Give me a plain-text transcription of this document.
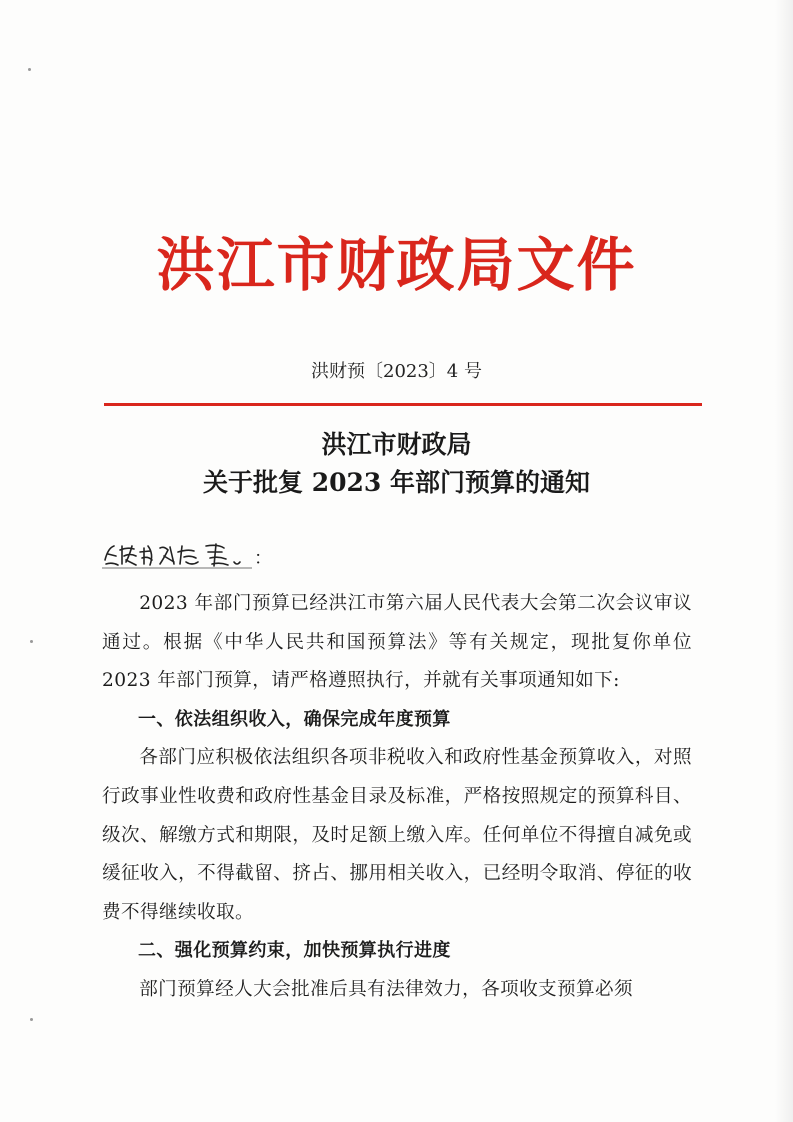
洪江市财政局文件
洪财预〔2023〕4 号
洪江市财政局
关于批复 2023 年部门预算的通知
：

2023 年部门预算已经洪江市第六届人民代表大会第二次会议审议通过。根据《中华人民共和国预算法》等有关规定，现批复你单位 2023 年部门预算，请严格遵照执行，并就有关事项通知如下:

一、依法组织收入，确保完成年度预算

各部门应积极依法组织各项非税收入和政府性基金预算收入，对照行政事业性收费和政府性基金目录及标准，严格按照规定的预算科目、级次、解缴方式和期限，及时足额上缴入库。任何单位不得擅自减免或缓征收入，不得截留、挤占、挪用相关收入，已经明令取消、停征的收费不得继续收取。

二、强化预算约束，加快预算执行进度

部门预算经人大会批准后具有法律效力，各项收支预算必须
